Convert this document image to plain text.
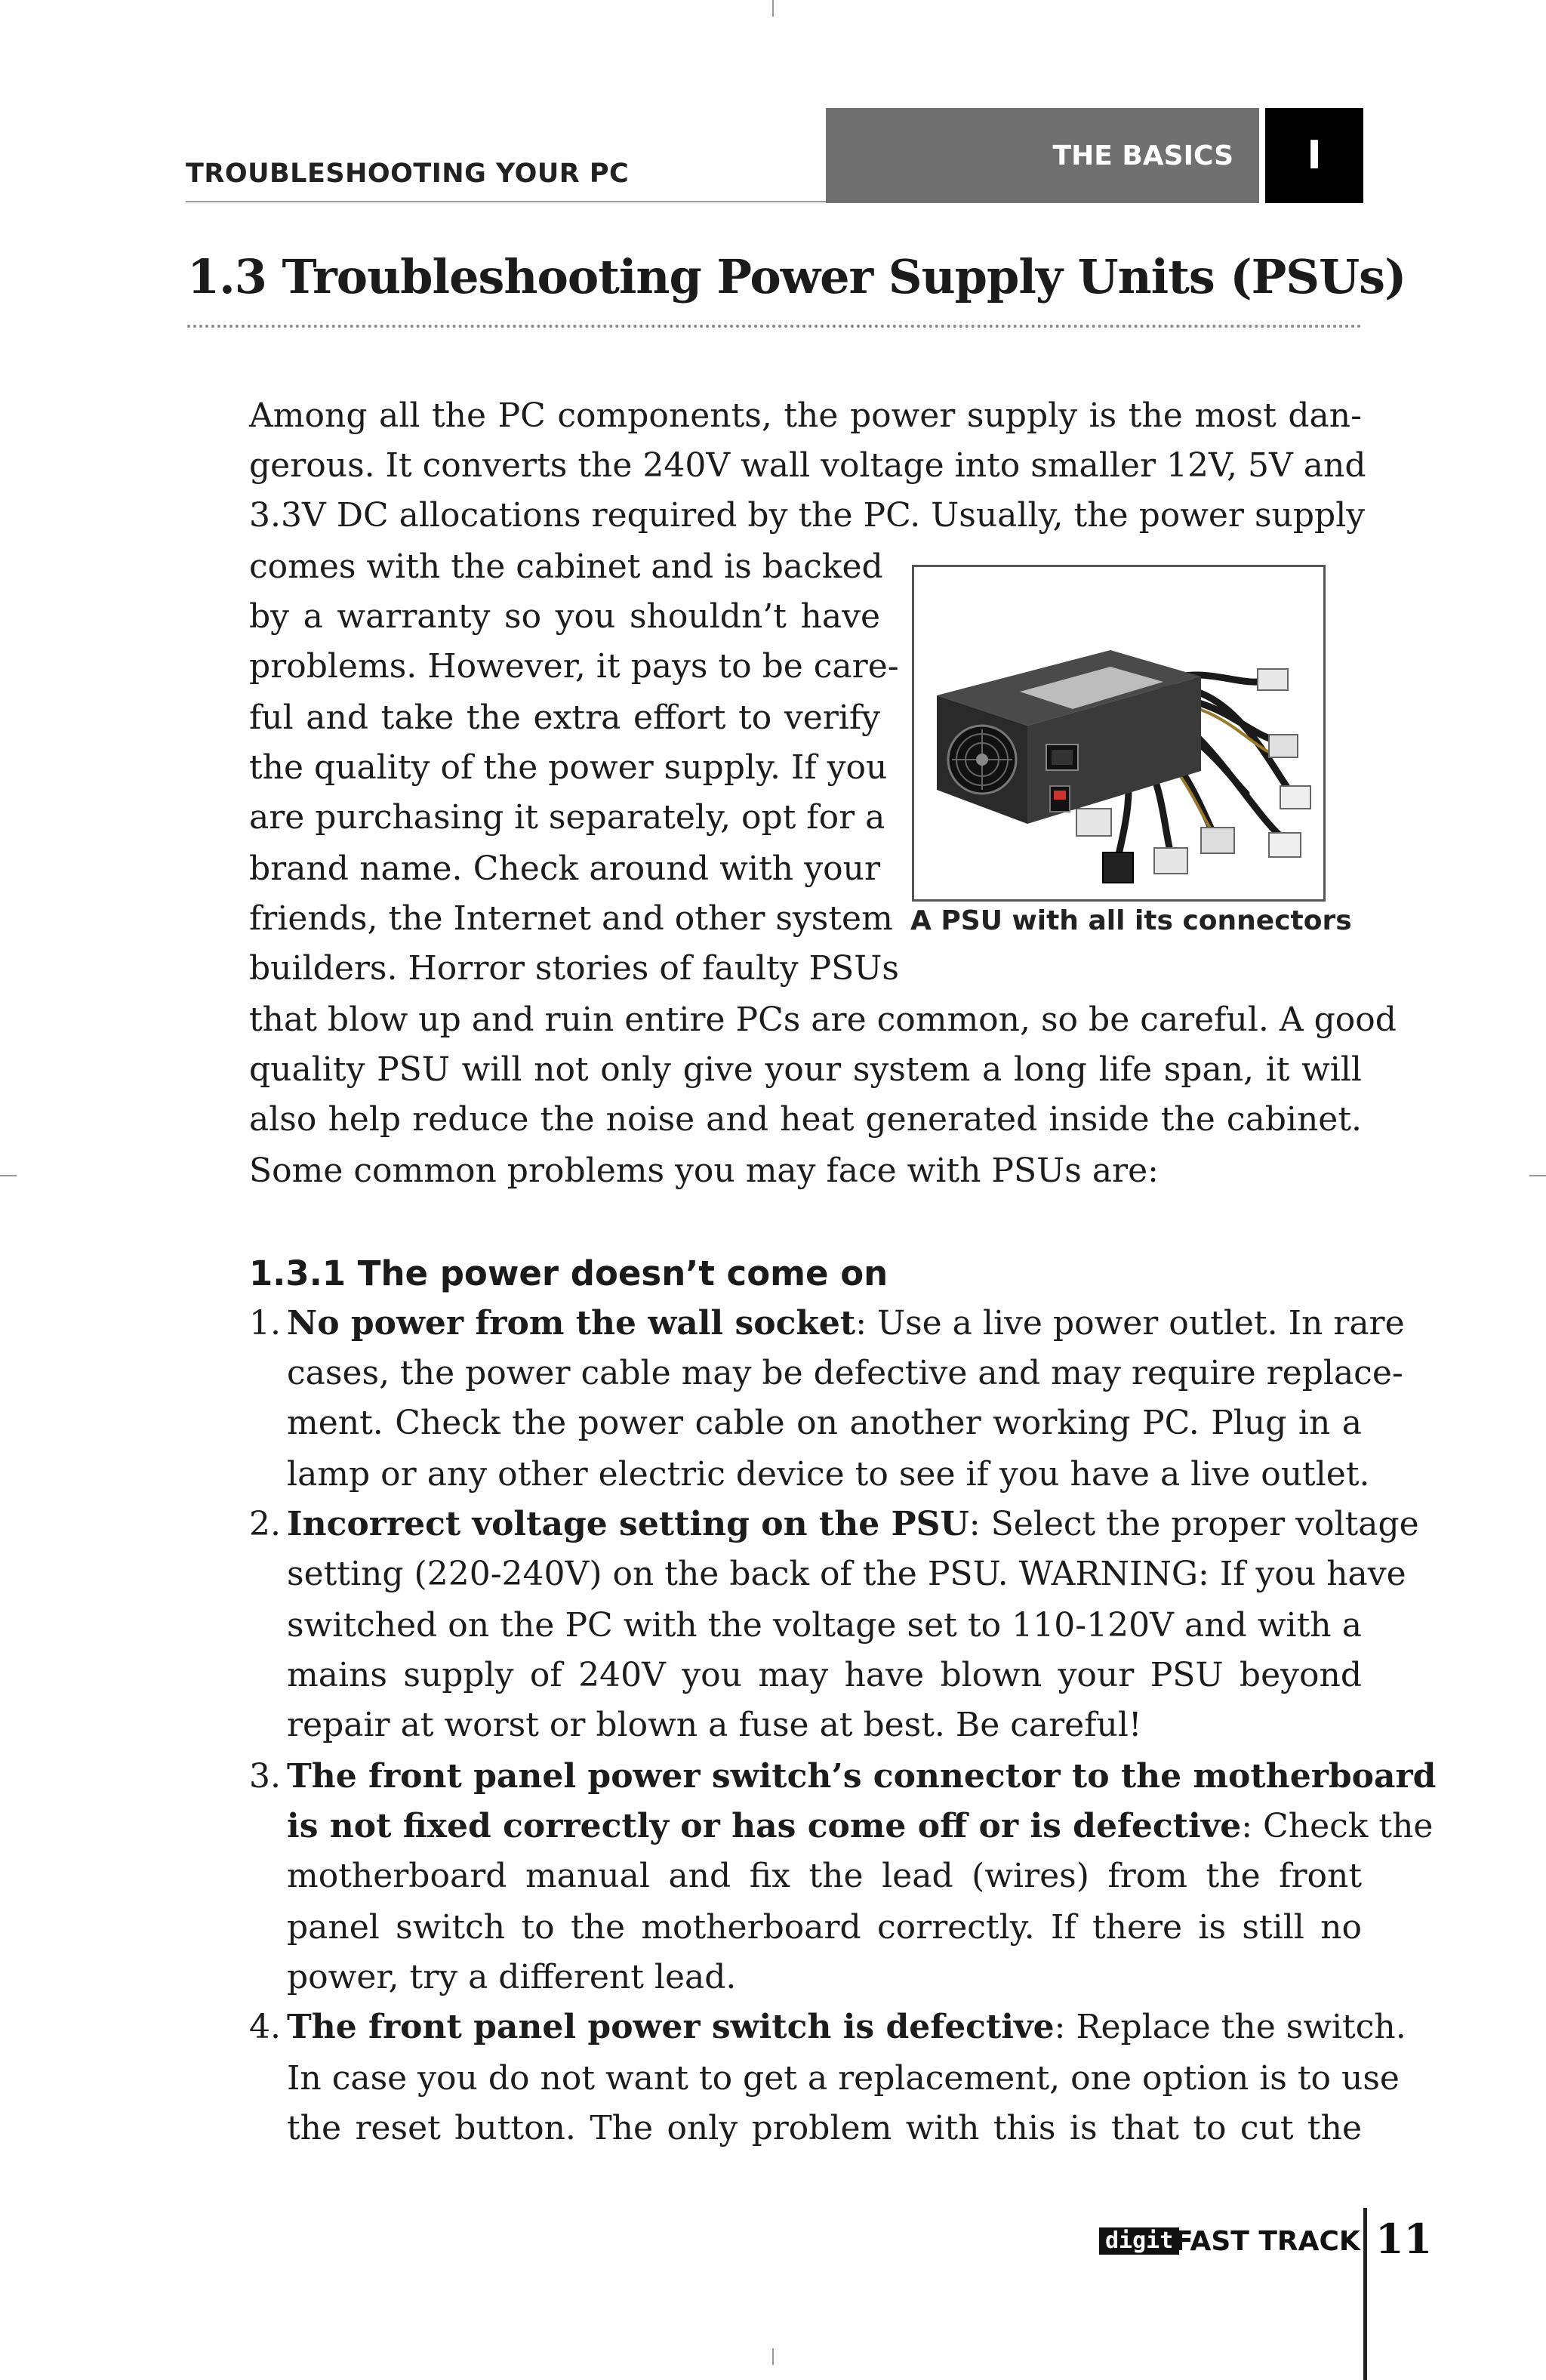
TROUBLESHOOTING YOUR PC
THE BASICS I
1.3 Troubleshooting Power Supply Units (PSUs)
Among all the PC components, the power supply is the most dan-
gerous. It converts the 240V wall voltage into smaller 12V, 5V and
3.3V DC allocations required by the PC. Usually, the power supply
comes with the cabinet and is backed
by a warranty so you shouldn’t have
problems. However, it pays to be care-
ful and take the extra effort to verify
the quality of the power supply. If you
are purchasing it separately, opt for a
brand name. Check around with your
friends, the Internet and other system
builders. Horror stories of faulty PSUs
that blow up and ruin entire PCs are common, so be careful. A good
quality PSU will not only give your system a long life span, it will
also help reduce the noise and heat generated inside the cabinet.
Some common problems you may face with PSUs are:
A PSU with all its connectors
1.3.1 The power doesn’t come on
1. No power from the wall socket: Use a live power outlet. In rare
cases, the power cable may be defective and may require replace-
ment. Check the power cable on another working PC. Plug in a
lamp or any other electric device to see if you have a live outlet.
2. Incorrect voltage setting on the PSU: Select the proper voltage
setting (220-240V) on the back of the PSU. WARNING: If you have
switched on the PC with the voltage set to 110-120V and with a
mains supply of 240V you may have blown your PSU beyond
repair at worst or blown a fuse at best. Be careful!
3. The front panel power switch’s connector to the motherboard
is not fixed correctly or has come off or is defective: Check the
motherboard manual and fix the lead (wires) from the front
panel switch to the motherboard correctly. If there is still no
power, try a different lead.
4. The front panel power switch is defective: Replace the switch.
In case you do not want to get a replacement, one option is to use
the reset button. The only problem with this is that to cut the
digit FAST TRACK 11
